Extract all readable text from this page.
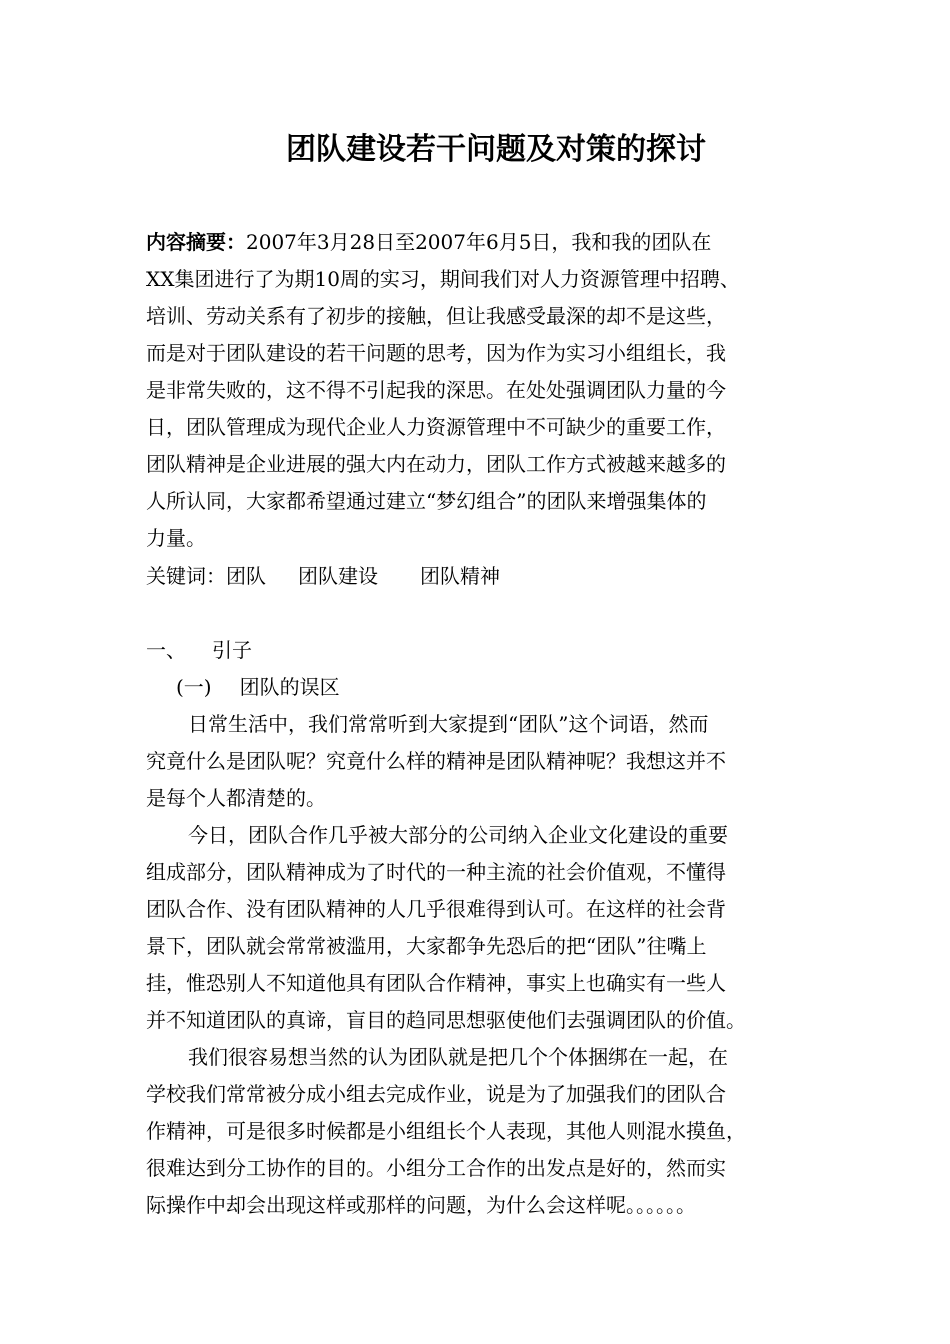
团队建设若干问题及对策的探讨
内容摘要：2007年3月28日至2007年6月5日，我和我的团队在
XX集团进行了为期10周的实习，期间我们对人力资源管理中招聘、
培训、劳动关系有了初步的接触，但让我感受最深的却不是这些，
而是对于团队建设的若干问题的思考，因为作为实习小组组长，我
是非常失败的，这不得不引起我的深思。在处处强调团队力量的今
日，团队管理成为现代企业人力资源管理中不可缺少的重要工作，
团队精神是企业进展的强大内在动力，团队工作方式被越来越多的
人所认同，大家都希望通过建立“梦幻组合”的团队来增强集体的
力量。
关键词：团队 团队建设 团队精神
一、 引子
(一) 团队的误区
日常生活中，我们常常听到大家提到“团队”这个词语，然而
究竟什么是团队呢？究竟什么样的精神是团队精神呢？我想这并不
是每个人都清楚的。
今日，团队合作几乎被大部分的公司纳入企业文化建设的重要
组成部分，团队精神成为了时代的一种主流的社会价值观，不懂得
团队合作、没有团队精神的人几乎很难得到认可。在这样的社会背
景下，团队就会常常被滥用，大家都争先恐后的把“团队”往嘴上
挂，惟恐别人不知道他具有团队合作精神，事实上也确实有一些人
并不知道团队的真谛，盲目的趋同思想驱使他们去强调团队的价值。
我们很容易想当然的认为团队就是把几个个体捆绑在一起，在
学校我们常常被分成小组去完成作业，说是为了加强我们的团队合
作精神，可是很多时候都是小组组长个人表现，其他人则混水摸鱼，
很难达到分工协作的目的。小组分工合作的出发点是好的，然而实
际操作中却会出现这样或那样的问题，为什么会这样呢。。。。。。
